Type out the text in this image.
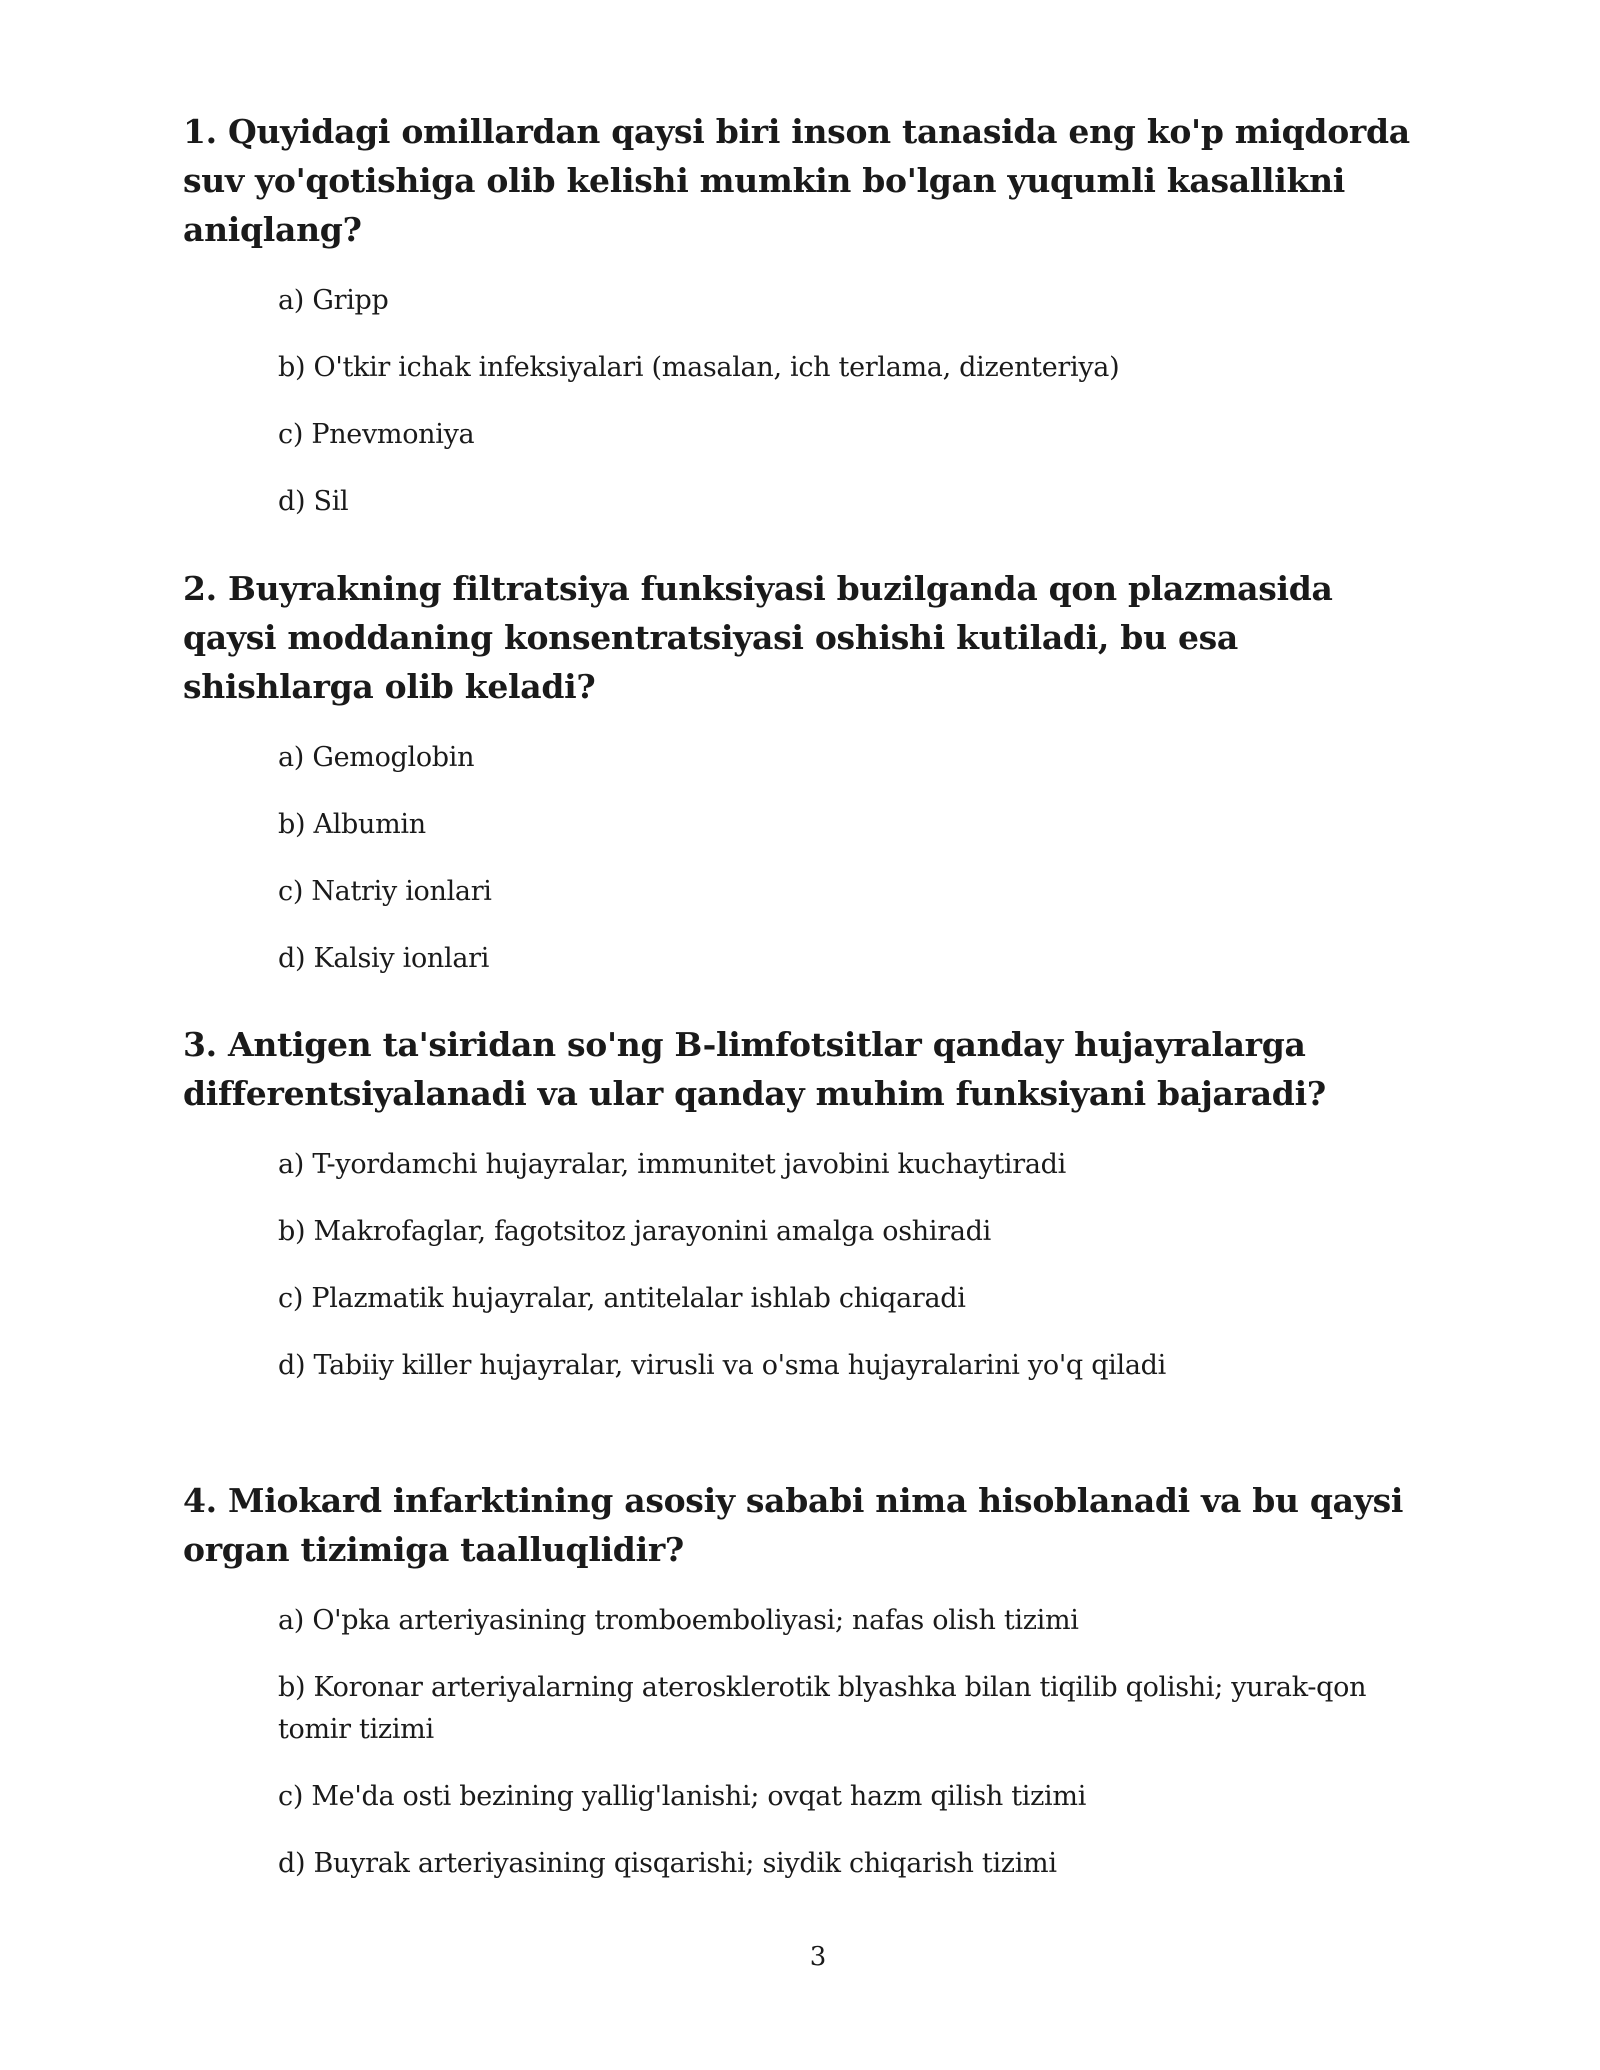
1. Quyidagi omillardan qaysi biri inson tanasida eng ko'p miqdorda suv yo'qotishiga olib kelishi mumkin bo'lgan yuqumli kasallikni aniqlang?

a) Gripp
b) O'tkir ichak infeksiyalari (masalan, ich terlama, dizenteriya)
c) Pnevmoniya
d) Sil

2. Buyrakning filtratsiya funksiyasi buzilganda qon plazmasida qaysi moddaning konsentratsiyasi oshishi kutiladi, bu esa shishlarga olib keladi?

a) Gemoglobin
b) Albumin
c) Natriy ionlari
d) Kalsiy ionlari

3. Antigen ta'siridan so'ng B-limfotsitlar qanday hujayralarga differentsiyalanadi va ular qanday muhim funksiyani bajaradi?

a) T-yordamchi hujayralar, immunitet javobini kuchaytiradi
b) Makrofaglar, fagotsitoz jarayonini amalga oshiradi
c) Plazmatik hujayralar, antitelalar ishlab chiqaradi
d) Tabiiy killer hujayralar, virusli va o'sma hujayralarini yo'q qiladi

4. Miokard infarktining asosiy sababi nima hisoblanadi va bu qaysi organ tizimiga taalluqlidir?

a) O'pka arteriyasining tromboemboliyasi; nafas olish tizimi
b) Koronar arteriyalarning aterosklerotik blyashka bilan tiqilib qolishi; yurak-qon tomir tizimi
c) Me'da osti bezining yallig'lanishi; ovqat hazm qilish tizimi
d) Buyrak arteriyasining qisqarishi; siydik chiqarish tizimi
3
